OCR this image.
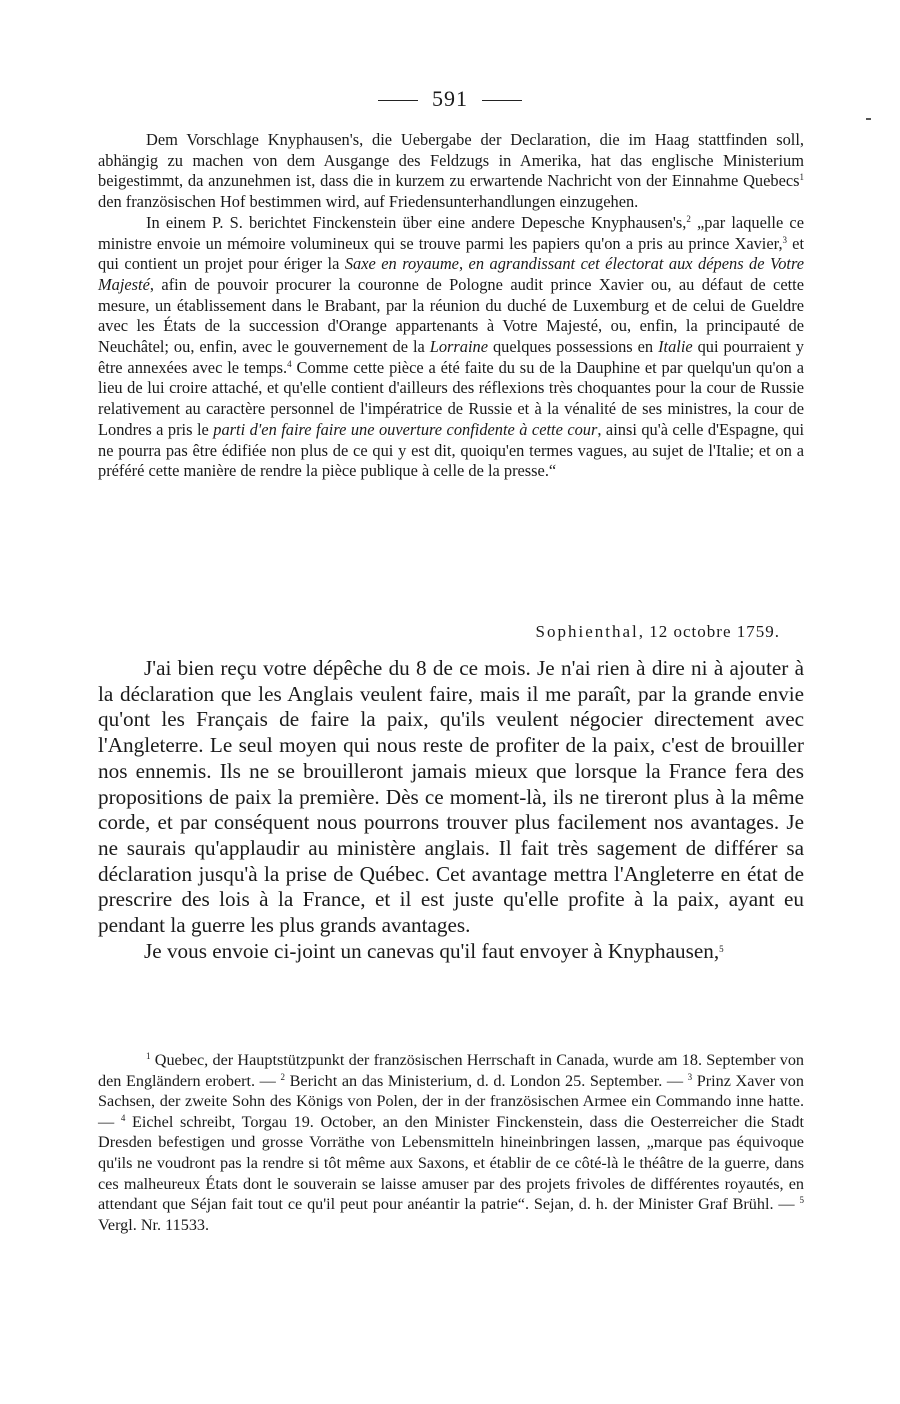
591

Dem Vorschlage Knyphausen's, die Uebergabe der Declaration, die im Haag stattfinden soll, abhängig zu machen von dem Ausgange des Feldzugs in Amerika, hat das englische Ministerium beigestimmt, da anzunehmen ist, dass die in kurzem zu erwartende Nachricht von der Einnahme Quebecs$^1$ den französischen Hof bestimmen wird, auf Friedensunterhandlungen einzugehen.

In einem P. S. berichtet Finckenstein über eine andere Depesche Knyphausen's,$^2$ „par laquelle ce ministre envoie un mémoire volumineux qui se trouve parmi les papiers qu'on a pris au prince Xavier,$^3$ et qui contient un projet pour ériger la Saxe en royaume, en agrandissant cet électorat aux dépens de Votre Majesté, afin de pouvoir procurer la couronne de Pologne audit prince Xavier ou, au défaut de cette mesure, un établissement dans le Brabant, par la réunion du duché de Luxemburg et de celui de Gueldre avec les États de la succession d'Orange appartenants à Votre Majesté, ou, enfin, la principauté de Neuchâtel; ou, enfin, avec le gouvernement de la Lorraine quelques possessions en Italie qui pourraient y être annexées avec le temps.$^4$ Comme cette pièce a été faite du su de la Dauphine et par quelqu'un qu'on a lieu de lui croire attaché, et qu'elle contient d'ailleurs des réflexions très choquantes pour la cour de Russie relativement au caractère personnel de l'impératrice de Russie et à la vénalité de ses ministres, la cour de Londres a pris le parti d'en faire faire une ouverture confidente à cette cour, ainsi qu'à celle d'Espagne, qui ne pourra pas être édifiée non plus de ce qui y est dit, quoiqu'en termes vagues, au sujet de l'Italie; et on a préféré cette manière de rendre la pièce publique à celle de la presse.“

Sophienthal, 12 octobre 1759.

J'ai bien reçu votre dépêche du 8 de ce mois. Je n'ai rien à dire ni à ajouter à la déclaration que les Anglais veulent faire, mais il me paraît, par la grande envie qu'ont les Français de faire la paix, qu'ils veulent négocier directement avec l'Angleterre. Le seul moyen qui nous reste de profiter de la paix, c'est de brouiller nos ennemis. Ils ne se brouilleront jamais mieux que lorsque la France fera des propositions de paix la première. Dès ce moment-là, ils ne tireront plus à la même corde, et par conséquent nous pourrons trouver plus facilement nos avantages. Je ne saurais qu'applaudir au ministère anglais. Il fait très sagement de différer sa déclaration jusqu'à la prise de Québec. Cet avantage mettra l'Angleterre en état de prescrire des lois à la France, et il est juste qu'elle profite à la paix, ayant eu pendant la guerre les plus grands avantages.

Je vous envoie ci-joint un canevas qu'il faut envoyer à Knyphausen,$^5$

$^1$ Quebec, der Hauptstützpunkt der französischen Herrschaft in Canada, wurde am 18. September von den Engländern erobert. — $^2$ Bericht an das Ministerium, d. d. London 25. September. — $^3$ Prinz Xaver von Sachsen, der zweite Sohn des Königs von Polen, der in der französischen Armee ein Commando inne hatte. — $^4$ Eichel schreibt, Torgau 19. October, an den Minister Finckenstein, dass die Oesterreicher die Stadt Dresden befestigen und grosse Vorräthe von Lebensmitteln hineinbringen lassen, „marque pas équivoque qu'ils ne voudront pas la rendre si tôt même aux Saxons, et établir de ce côté-là le théâtre de la guerre, dans ces malheureux États dont le souverain se laisse amuser par des projets frivoles de différentes royautés, en attendant que Séjan fait tout ce qu'il peut pour anéantir la patrie“. Sejan, d. h. der Minister Graf Brühl. — $^5$ Vergl. Nr. 11533.
